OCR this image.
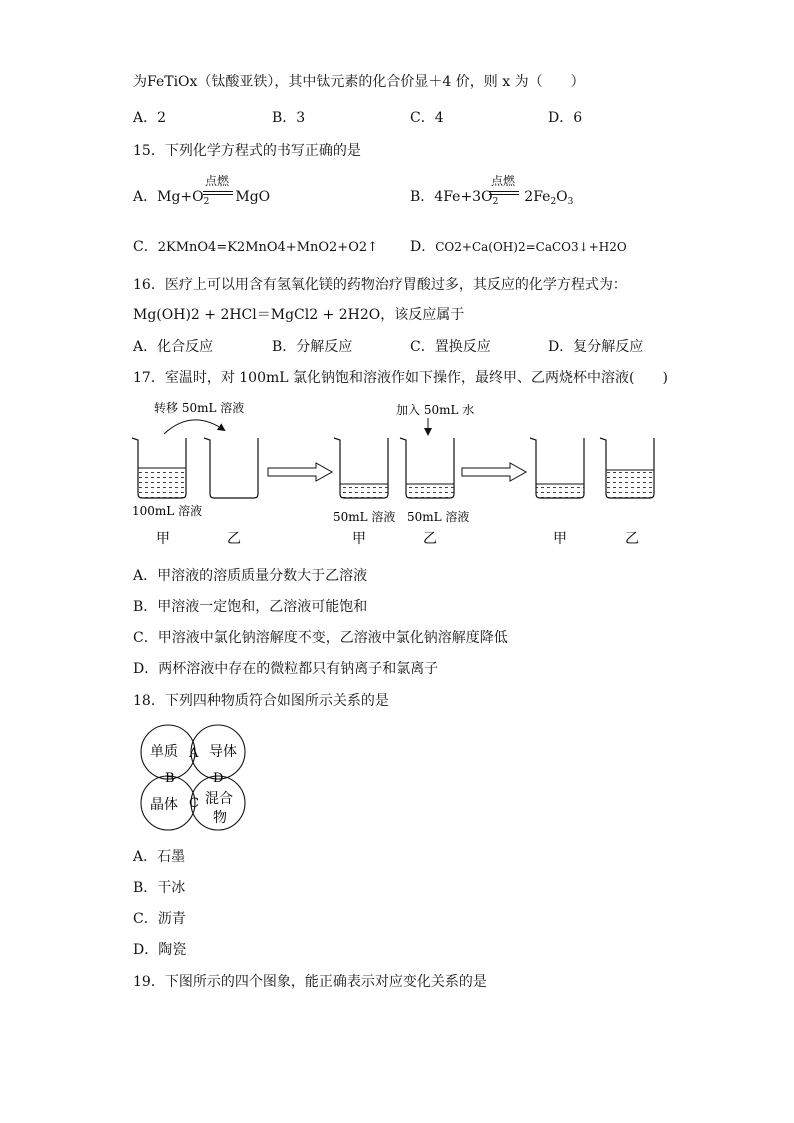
为FeTiOx（钛酸亚铁），其中钛元素的化合价显＋4 价，则 x 为（　　）
A．2	B．3	C．4	D．6
15．下列化学方程式的书写正确的是
A．$Mg+O_2$ MgO
点燃
B．$4Fe+3O_2$ $2Fe_2O_3$
点燃
C．2KMnO4=K2MnO4+MnO2+O2↑ D．CO2+Ca(OH)2=CaCO3↓+H2O
16．医疗上可以用含有氢氧化镁的药物治疗胃酸过多，其反应的化学方程式为：
Mg(OH)2 + 2HCl＝MgCl2 + 2H2O，该反应属于
A．化合反应	B．分解反应	C．置换反应	D．复分解反应
17．室温时，对 100mL 氯化钠饱和溶液作如下操作，最终甲、乙两烧杯中溶液(　　)
转移 50mL 溶液	加入 50mL 水
100mL 溶液	50mL 溶液 50mL 溶液
甲	乙	甲	乙	甲	乙
A．甲溶液的溶质质量分数大于乙溶液
B．甲溶液一定饱和，乙溶液可能饱和
C．甲溶液中氯化钠溶解度不变，乙溶液中氯化钠溶解度降低
D．两杯溶液中存在的微粒都只有钠离子和氯离子
18．下列四种物质符合如图所示关系的是
单质 导体
晶体 混合
物
A
B
C
D
A．石墨
B．干冰
C．沥青
D．陶瓷
19．下图所示的四个图象，能正确表示对应变化关系的是
